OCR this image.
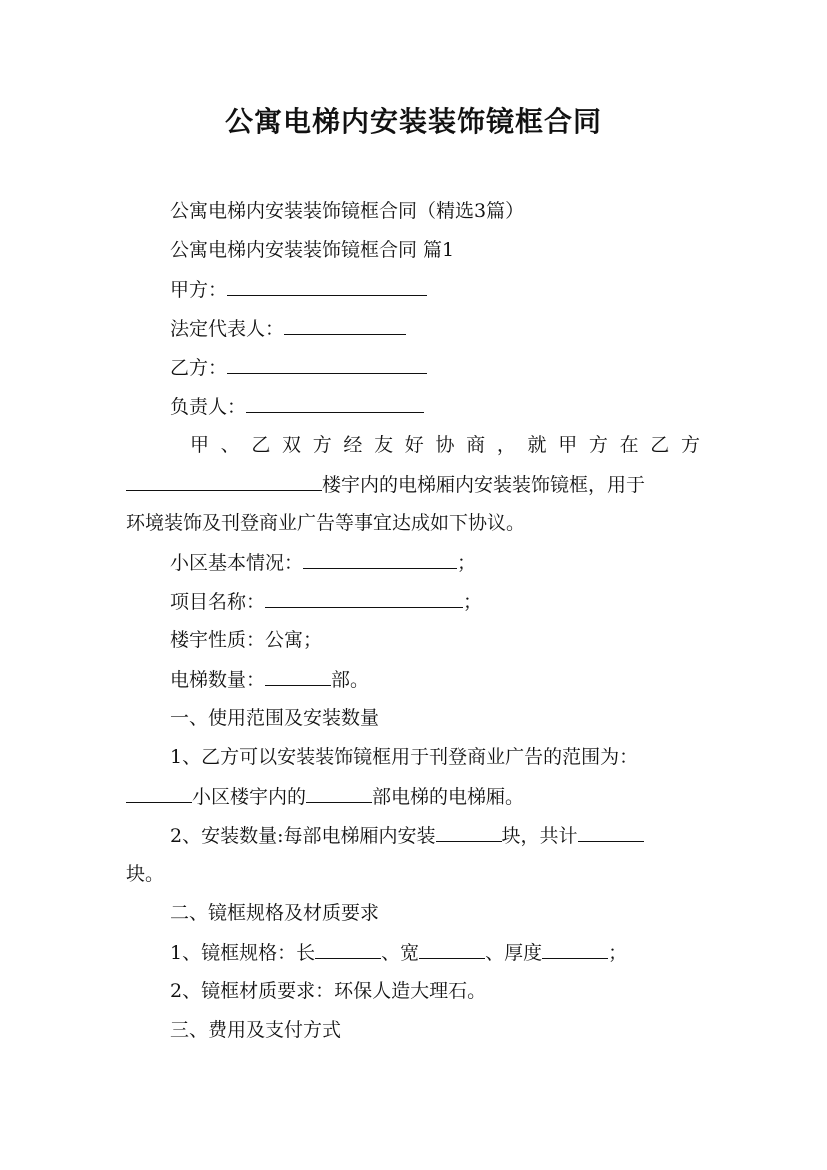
公寓电梯内安装装饰镜框合同
公寓电梯内安装装饰镜框合同（精选3篇）
公寓电梯内安装装饰镜框合同 篇1
甲方：
法定代表人：
乙方：
负责人：
甲、乙双方经友好协商，就甲方在乙方
楼宇内的电梯厢内安装装饰镜框，用于
环境装饰及刊登商业广告等事宜达成如下协议。
小区基本情况：	；
项目名称：	；
楼宇性质：公寓；
电梯数量：	部。
一、使用范围及安装数量
1、乙方可以安装装饰镜框用于刊登商业广告的范围为：
小区楼宇内的	部电梯的电梯厢。
2、安装数量:每部电梯厢内安装	块，共计
块。
二、镜框规格及材质要求
1、镜框规格：长	、宽	、厚度	；
2、镜框材质要求：环保人造大理石。
三、费用及支付方式
